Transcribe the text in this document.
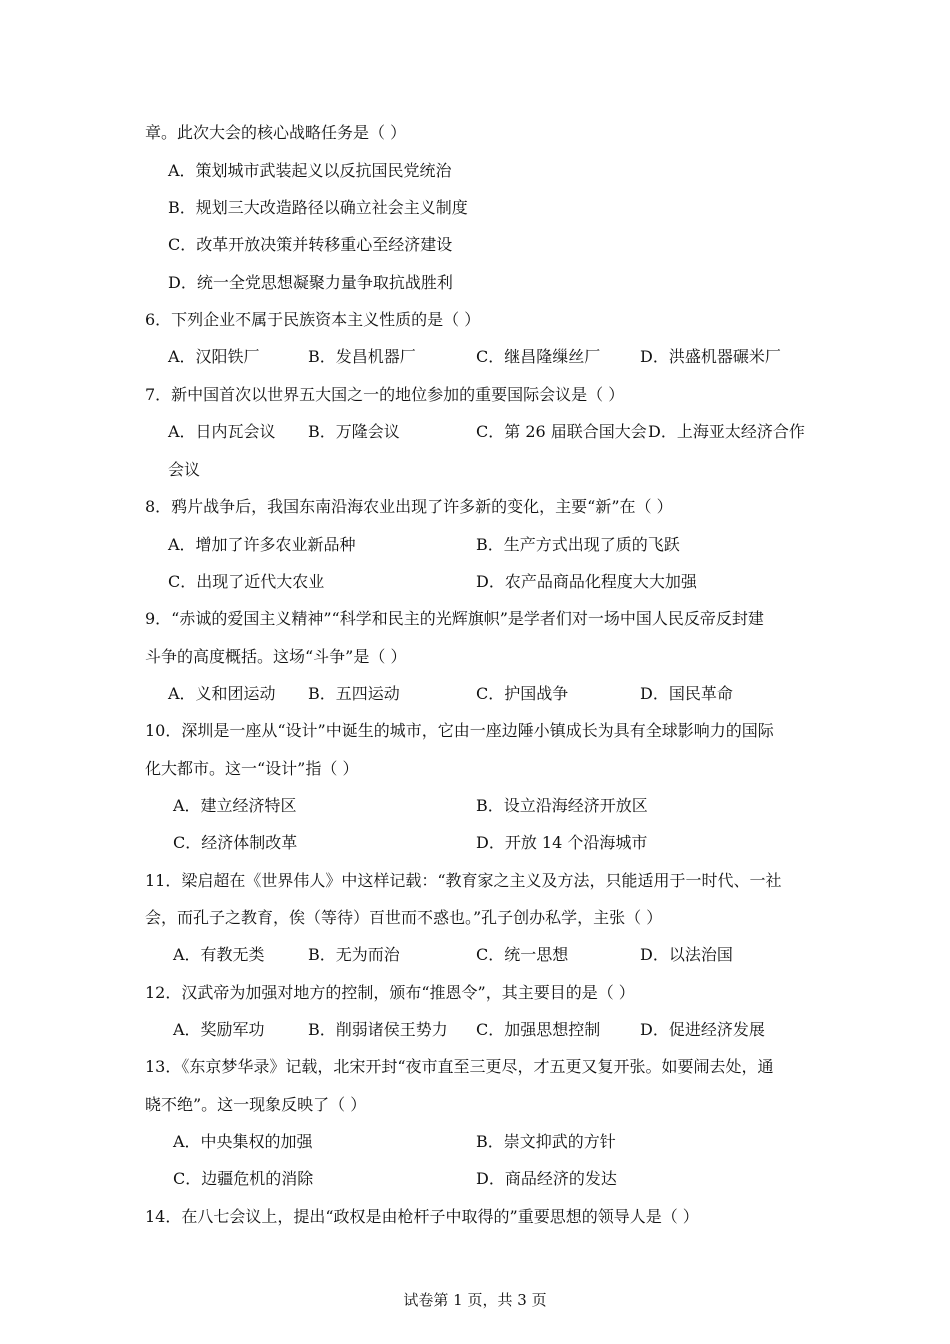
章。此次大会的核心战略任务是（ ）
A．策划城市武装起义以反抗国民党统治
B．规划三大改造路径以确立社会主义制度
C．改革开放决策并转移重心至经济建设
D．统一全党思想凝聚力量争取抗战胜利
6．下列企业不属于民族资本主义性质的是（ ）
A．汉阳铁厂	B．发昌机器厂	C．继昌隆缫丝厂 D．洪盛机器碾米厂
7．新中国首次以世界五大国之一的地位参加的重要国际会议是（ ）
A．日内瓦会议 B．万隆会议	C．第 26 届联合国大会 D．上海亚太经济合作
会议
8．鸦片战争后，我国东南沿海农业出现了许多新的变化，主要“新”在（ ）
A．增加了许多农业新品种	B．生产方式出现了质的飞跃
C．出现了近代大农业	D．农产品商品化程度大大加强
9．“赤诚的爱国主义精神”“科学和民主的光辉旗帜”是学者们对一场中国人民反帝反封建
斗争的高度概括。这场“斗争”是（ ）
A．义和团运动 B．五四运动	C．护国战争	D．国民革命
10．深圳是一座从“设计”中诞生的城市，它由一座边陲小镇成长为具有全球影响力的国际
化大都市。这一“设计”指（ ）
A．建立经济特区	B．设立沿海经济开放区
C．经济体制改革	D．开放 14 个沿海城市
11．梁启超在《世界伟人》中这样记载：“教育家之主义及方法，只能适用于一时代、一社
会，而孔子之教育，俟（等待）百世而不惑也。”孔子创办私学，主张（ ）
A．有教无类	B．无为而治	C．统一思想	D．以法治国
12．汉武帝为加强对地方的控制，颁布“推恩令”，其主要目的是（ ）
A．奖励军功	B．削弱诸侯王势力 C．加强思想控制 D．促进经济发展
13．《东京梦华录》记载，北宋开封“夜市直至三更尽，才五更又复开张。如要闹去处，通
晓不绝”。这一现象反映了（ ）
A．中央集权的加强	B．崇文抑武的方针
C．边疆危机的消除	D．商品经济的发达
14．在八七会议上，提出“政权是由枪杆子中取得的”重要思想的领导人是（ ）
试卷第 1 页，共 3 页
